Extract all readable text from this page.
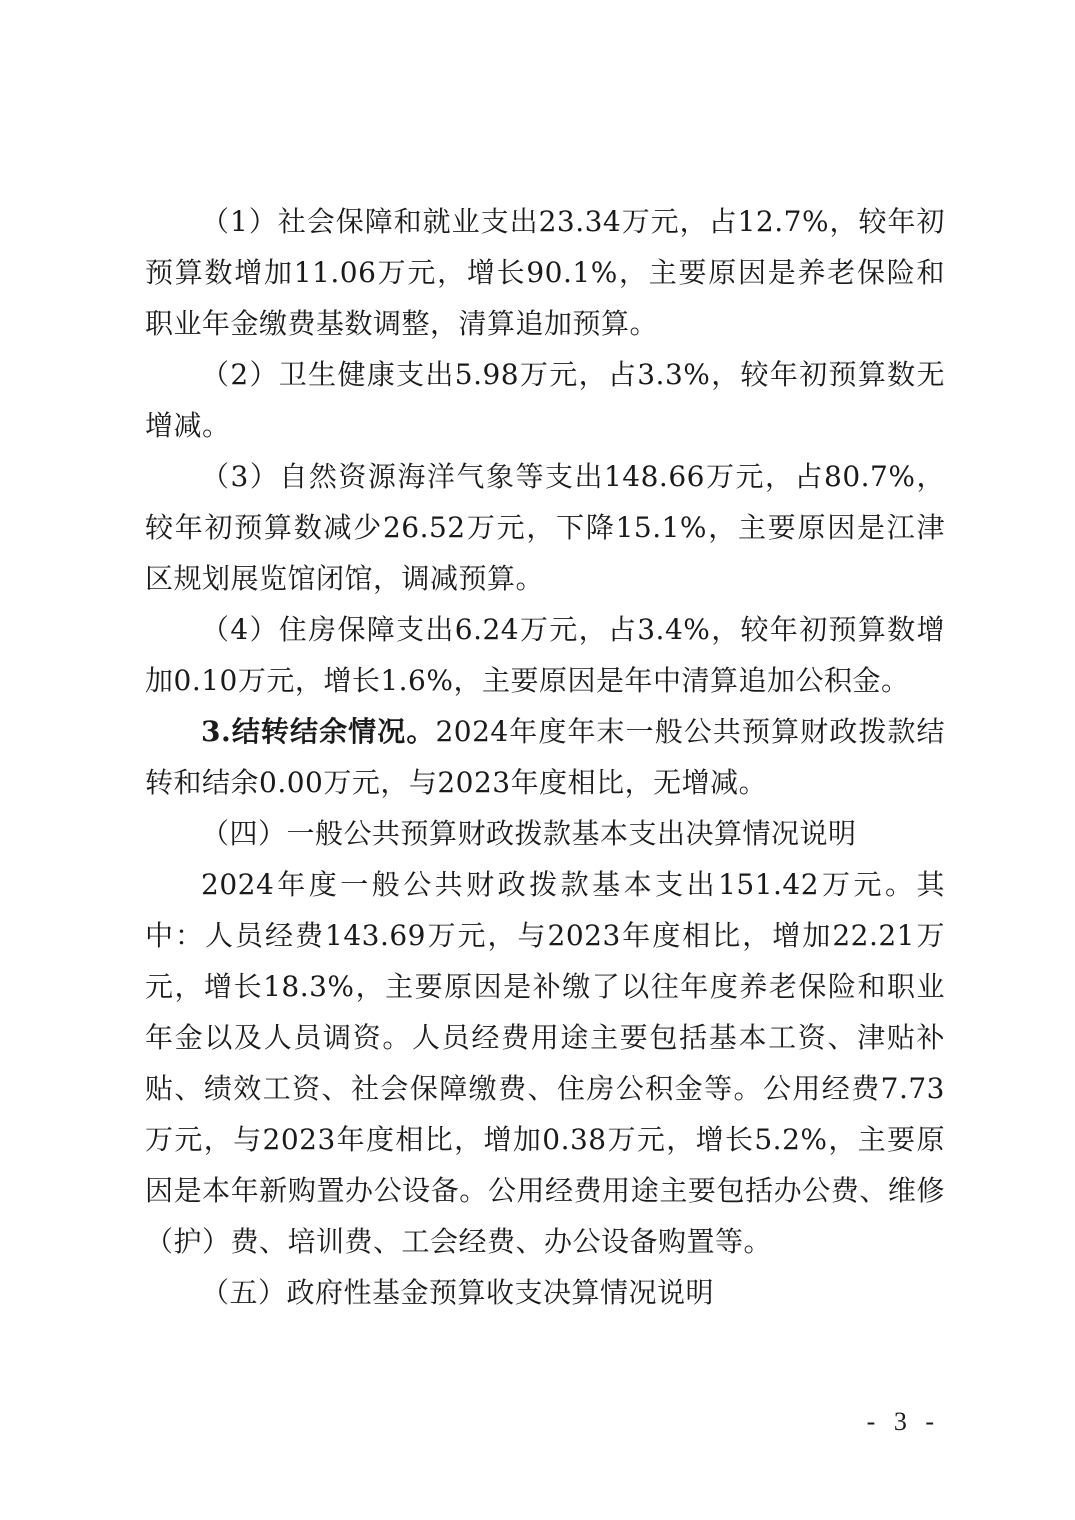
（1）社会保障和就业支出23.34万元，占12.7%，较年初预算数增加11.06万元，增长90.1%，主要原因是养老保险和职业年金缴费基数调整，清算追加预算。

（2）卫生健康支出5.98万元，占3.3%，较年初预算数无增减。

（3）自然资源海洋气象等支出148.66万元，占80.7%，较年初预算数减少26.52万元，下降15.1%，主要原因是江津区规划展览馆闭馆，调减预算。

（4）住房保障支出6.24万元，占3.4%，较年初预算数增加0.10万元，增长1.6%，主要原因是年中清算追加公积金。

3.结转结余情况。2024年度年末一般公共预算财政拨款结转和结余0.00万元，与2023年度相比，无增减。

（四）一般公共预算财政拨款基本支出决算情况说明

2024年度一般公共财政拨款基本支出151.42万元。其中：人员经费143.69万元，与2023年度相比，增加22.21万元，增长18.3%，主要原因是补缴了以往年度养老保险和职业年金以及人员调资。人员经费用途主要包括基本工资、津贴补贴、绩效工资、社会保障缴费、住房公积金等。公用经费7.73万元，与2023年度相比，增加0.38万元，增长5.2%，主要原因是本年新购置办公设备。公用经费用途主要包括办公费、维修（护）费、培训费、工会经费、办公设备购置等。

（五）政府性基金预算收支决算情况说明

- 3 -
